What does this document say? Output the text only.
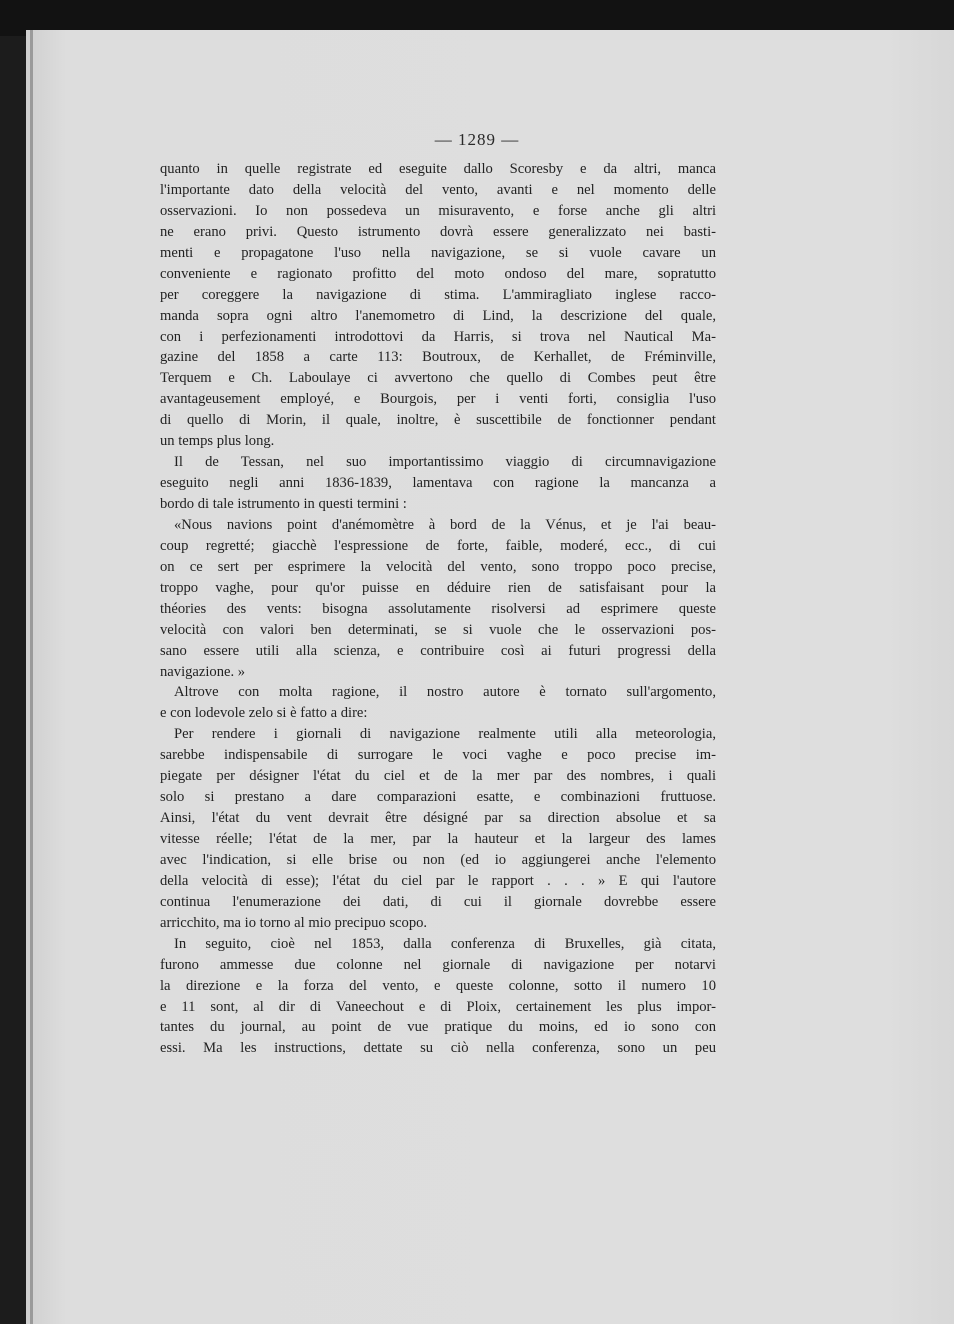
— 1289 —
quanto in quelle registrate ed eseguite dallo Scoresby e da altri, manca
l'importante dato della velocità del vento, avanti e nel momento delle
osservazioni. Io non possedeva un misuravento, e forse anche gli altri
ne erano privi. Questo istrumento dovrà essere generalizzato nei basti-
menti e propagatone l'uso nella navigazione, se si vuole cavare un
conveniente e ragionato profitto del moto ondoso del mare, sopratutto
per coreggere la navigazione di stima. L'ammiragliato inglese racco-
manda sopra ogni altro l'anemometro di Lind, la descrizione del quale,
con i perfezionamenti introdottovi da Harris, si trova nel Nautical Ma-
gazine del 1858 a carte 113: Boutroux, de Kerhallet, de Fréminville,
Terquem e Ch. Laboulaye ci avvertono che quello di Combes peut être
avantageusement employé, e Bourgois, per i venti forti, consiglia l'uso
di quello di Morin, il quale, inoltre, è suscettibile de fonctionner pendant
un temps plus long.
Il de Tessan, nel suo importantissimo viaggio di circumnavigazione
eseguito negli anni 1836-1839, lamentava con ragione la mancanza a
bordo di tale istrumento in questi termini :
«Nous navions point d'anémomètre à bord de la Vénus, et je l'ai beau-
coup regretté; giacchè l'espressione de forte, faible, moderé, ecc., di cui
on ce sert per esprimere la velocità del vento, sono troppo poco precise,
troppo vaghe, pour qu'or puisse en déduire rien de satisfaisant pour la
théories des vents: bisogna assolutamente risolversi ad esprimere queste
velocità con valori ben determinati, se si vuole che le osservazioni pos-
sano essere utili alla scienza, e contribuire così ai futuri progressi della
navigazione. »
Altrove con molta ragione, il nostro autore è tornato sull'argomento,
e con lodevole zelo si è fatto a dire:
Per rendere i giornali di navigazione realmente utili alla meteorologia,
sarebbe indispensabile di surrogare le voci vaghe e poco precise im-
piegate per désigner l'état du ciel et de la mer par des nombres, i quali
solo si prestano a dare comparazioni esatte, e combinazioni fruttuose.
Ainsi, l'état du vent devrait être désigné par sa direction absolue et sa
vitesse réelle; l'état de la mer, par la hauteur et la largeur des lames
avec l'indication, si elle brise ou non (ed io aggiungerei anche l'elemento
della velocità di esse); l'état du ciel par le rapport . . . » E qui l'autore
continua l'enumerazione dei dati, di cui il giornale dovrebbe essere
arricchito, ma io torno al mio precipuo scopo.
In seguito, cioè nel 1853, dalla conferenza di Bruxelles, già citata,
furono ammesse due colonne nel giornale di navigazione per notarvi
la direzione e la forza del vento, e queste colonne, sotto il numero 10
e 11 sont, al dir di Vaneechout e di Ploix, certainement les plus impor-
tantes du journal, au point de vue pratique du moins, ed io sono con
essi. Ma les instructions, dettate su ciò nella conferenza, sono un peu
